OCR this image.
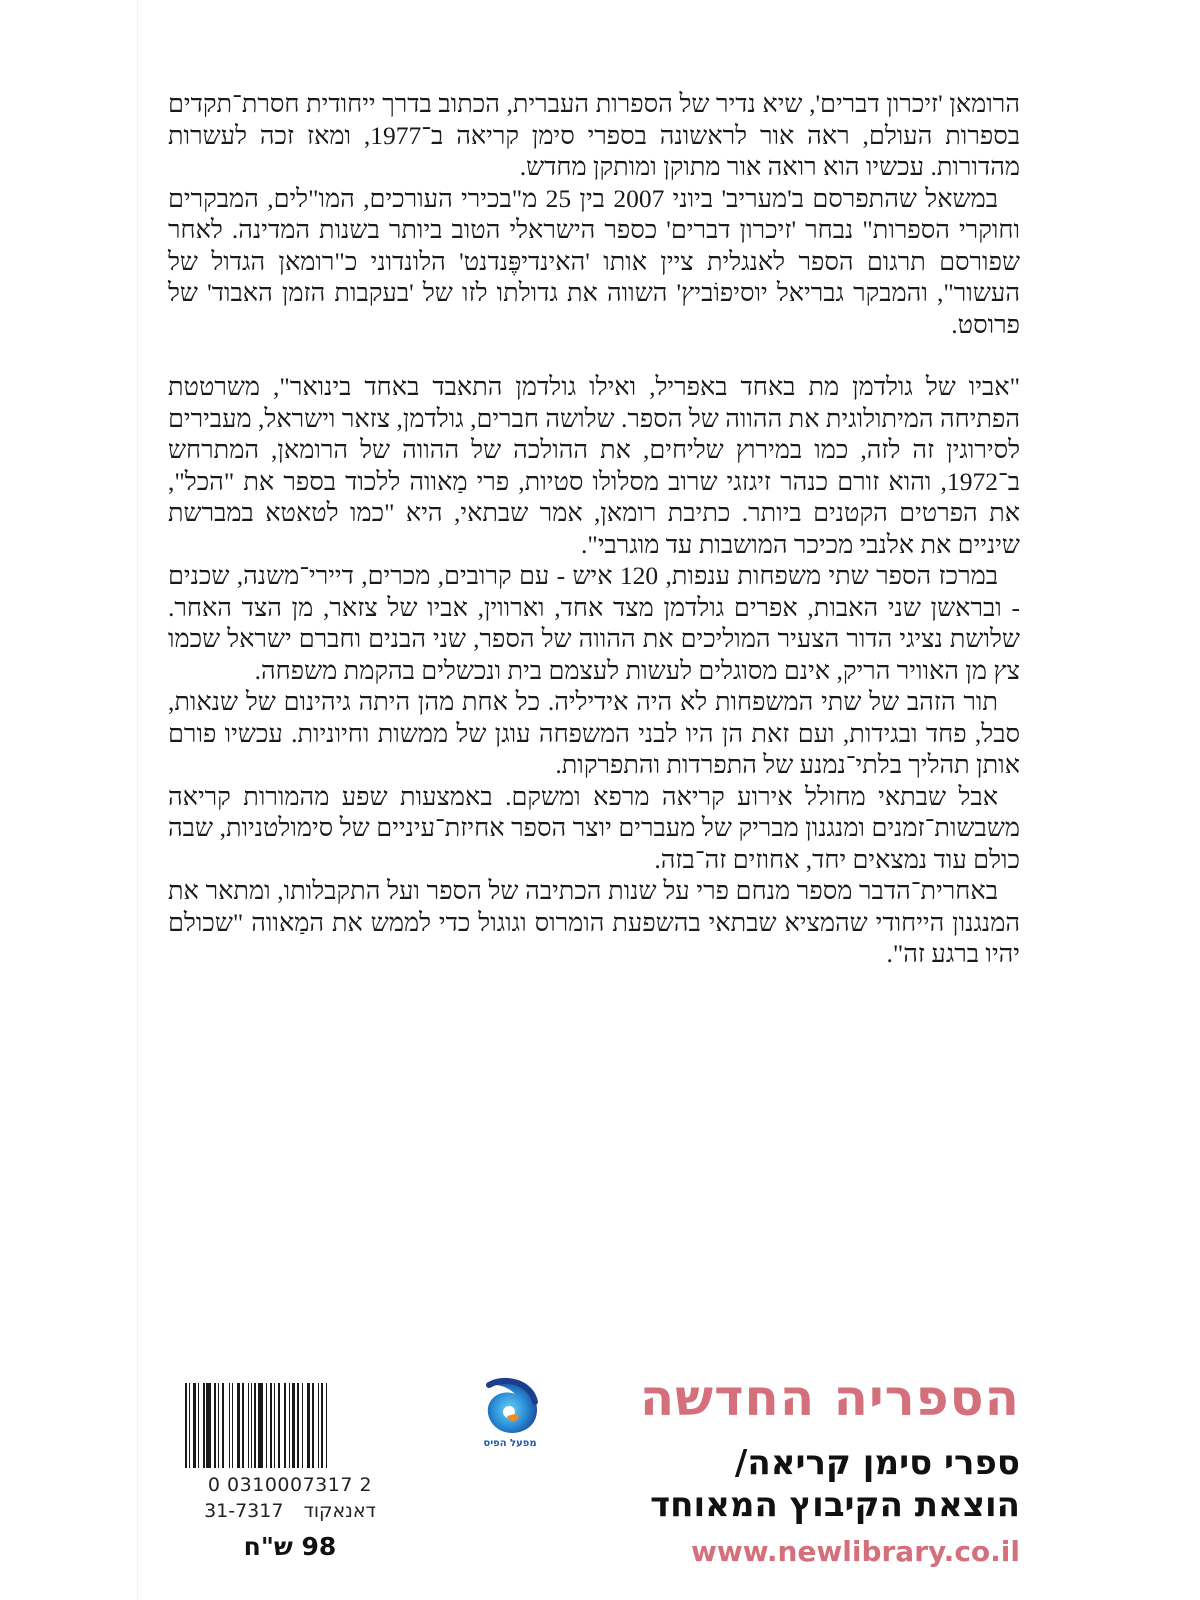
הרומאן 'זיכרון דברים', שיא נדיר של הספרות העברית, הכתוב בדרך ייחודית חסרת־תקדים בספרות העולם, ראה אור לראשונה בספרי סימן קריאה ב־1977, ומאז זכה לעשרות מהדורות. עכשיו הוא רואה אור מתוקן ומותקן מחדש.

במשאל שהתפרסם ב'מעריב' ביוני 2007 בין 25 מ"בכירי העורכים, המו"לים, המבקרים וחוקרי הספרות" נבחר 'זיכרון דברים' כספר הישראלי הטוב ביותר בשנות המדינה. לאחר שפורסם תרגום הספר לאנגלית ציין אותו 'האינדיפֶּנדנט' הלונדוני כ"רומאן הגדול של העשור", והמבקר גבריאל יוסיפוֹביץ' השווה את גדולתו לזו של 'בעקבות הזמן האבוד' של פרוסט.

"אביו של גולדמן מת באחד באפריל, ואילו גולדמן התאבד באחד בינואר", משרטטת הפתיחה המיתולוגית את ההווה של הספר. שלושה חברים, גולדמן, צזאר וישראל, מעבירים לסירוגין זה לזה, כמו במירוץ שליחים, את ההולכה של ההווה של הרומאן, המתרחש ב־1972, והוא זורם כנהר זיגזגי שרוב מסלולו סטיות, פרי מַאווה ללכוד בספר את "הכל", את הפרטים הקטנים ביותר. כתיבת רומאן, אמר שבתאי, היא "כמו לטאטא במברשת שיניים את אלנבי מכיכר המושבות עד מוגרבי".

במרכז הספר שתי משפחות ענפות, 120 איש - עם קרובים, מכרים, דיירי־משנה, שכנים - ובראשן שני האבות, אפרים גולדמן מצד אחד, וארווין, אביו של צזאר, מן הצד האחר. שלושת נציגי הדור הצעיר המוליכים את ההווה של הספר, שני הבנים וחברם ישראל שכמו צץ מן האוויר הריק, אינם מסוגלים לעשות לעצמם בית ונכשלים בהקמת משפחה.

תור הזהב של שתי המשפחות לא היה אידיליה. כל אחת מהן היתה גיהינום של שנאות, סבל, פחד ובגידות, ועם זאת הן היו לבני המשפחה עוגן של ממשות וחיוניות. עכשיו פורם אותן תהליך בלתי־נמנע של התפרדות והתפרקות.

אבל שבתאי מחולל אירוע קריאה מרפא ומשקם. באמצעות שפע מהמורות קריאה משבשות־זמנים ומנגנון מבריק של מעברים יוצר הספר אחיזת־עיניים של סימולטניות, שבה כולם עוד נמצאים יחד, אחוזים זה־בזה.

באחרית־הדבר מספר מנחם פרי על שנות הכתיבה של הספר ועל התקבלותו, ומתאר את המנגנון הייחודי שהמציא שבתאי בהשפעת הומרוס וגוגול כדי לממש את המַאווה "שכולם יהיו ברגע זה".

0 0310007317 2
דאנאקוד 31-7317
98 ש"ח
מפעל הפיס
הספריה החדשה
ספרי סימן קריאה/
הוצאת הקיבוץ המאוחד
www.newlibrary.co.il
